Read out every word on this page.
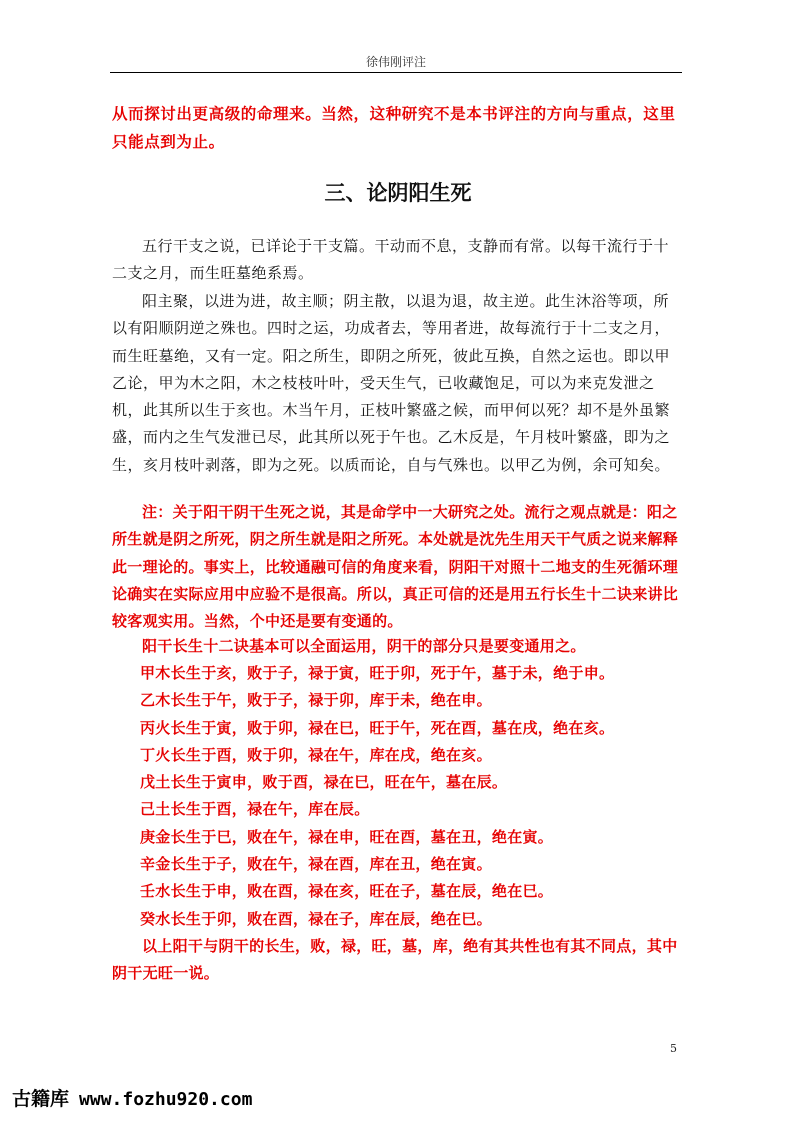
徐伟刚评注

从而探讨出更高级的命理来。当然，这种研究不是本书评注的方向与重点，这里只能点到为止。

三、论阴阳生死

五行干支之说，已详论于干支篇。干动而不息，支静而有常。以每干流行于十二支之月，而生旺墓绝系焉。

阳主聚，以进为进，故主顺；阴主散，以退为退，故主逆。此生沐浴等项，所以有阳顺阴逆之殊也。四时之运，功成者去，等用者进，故每流行于十二支之月，而生旺墓绝，又有一定。阳之所生，即阴之所死，彼此互换，自然之运也。即以甲乙论，甲为木之阳，木之枝枝叶叶，受天生气，已收藏饱足，可以为来克发泄之机，此其所以生于亥也。木当午月，正枝叶繁盛之候，而甲何以死？却不是外虽繁盛，而内之生气发泄已尽，此其所以死于午也。乙木反是，午月枝叶繁盛，即为之生，亥月枝叶剥落，即为之死。以质而论，自与气殊也。以甲乙为例，余可知矣。

注：关于阳干阴干生死之说，其是命学中一大研究之处。流行之观点就是：阳之所生就是阴之所死，阴之所生就是阳之所死。本处就是沈先生用天干气质之说来解释此一理论的。事实上，比较通融可信的角度来看，阴阳干对照十二地支的生死循环理论确实在实际应用中应验不是很高。所以，真正可信的还是用五行长生十二诀来讲比较客观实用。当然，个中还是要有变通的。

阳干长生十二诀基本可以全面运用，阴干的部分只是要变通用之。

甲木长生于亥，败于子，禄于寅，旺于卯，死于午，墓于未，绝于申。
乙木长生于午，败于子，禄于卯，库于未，绝在申。
丙火长生于寅，败于卯，禄在巳，旺于午，死在酉，墓在戌，绝在亥。
丁火长生于酉，败于卯，禄在午，库在戌，绝在亥。
戊土长生于寅申，败于酉，禄在巳，旺在午，墓在辰。
己土长生于酉，禄在午，库在辰。
庚金长生于巳，败在午，禄在申，旺在酉，墓在丑，绝在寅。
辛金长生于子，败在午，禄在酉，库在丑，绝在寅。
壬水长生于申，败在酉，禄在亥，旺在子，墓在辰，绝在巳。
癸水长生于卯，败在酉，禄在子，库在辰，绝在巳。

以上阳干与阴干的长生，败，禄，旺，墓，库，绝有其共性也有其不同点，其中阴干无旺一说。

5
古籍库 www.fozhu920.com
